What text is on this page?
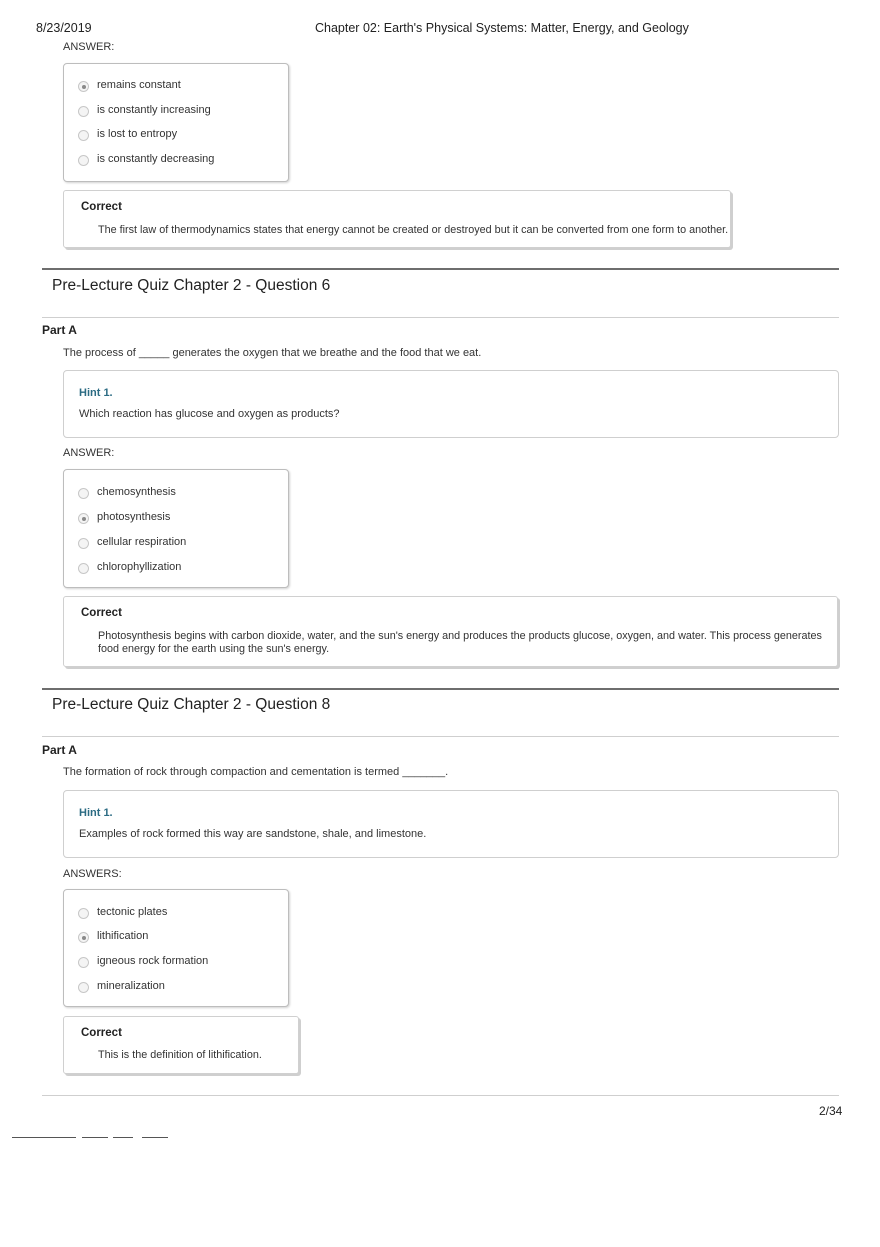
8/23/2019	Chapter 02: Earth's Physical Systems: Matter, Energy, and Geology
ANSWER:
remains constant
is constantly increasing
is lost to entropy
is constantly decreasing
Correct
The first law of thermodynamics states that energy cannot be created or destroyed but it can be converted from one form to another.
Pre-Lecture Quiz Chapter 2 - Question 6
Part A
The process of _____ generates the oxygen that we breathe and the food that we eat.
Hint 1.
Which reaction has glucose and oxygen as products?
ANSWER:
chemosynthesis
photosynthesis
cellular respiration
chlorophyllization
Correct
Photosynthesis begins with carbon dioxide, water, and the sun's energy and produces the products glucose, oxygen, and water. This process generates
food energy for the earth using the sun's energy.
Pre-Lecture Quiz Chapter 2 - Question 8
Part A
The formation of rock through compaction and cementation is termed _______.
Hint 1.
Examples of rock formed this way are sandstone, shale, and limestone.
ANSWERS:
tectonic plates
lithification
igneous rock formation
mineralization
Correct
This is the definition of lithification.
2/34
